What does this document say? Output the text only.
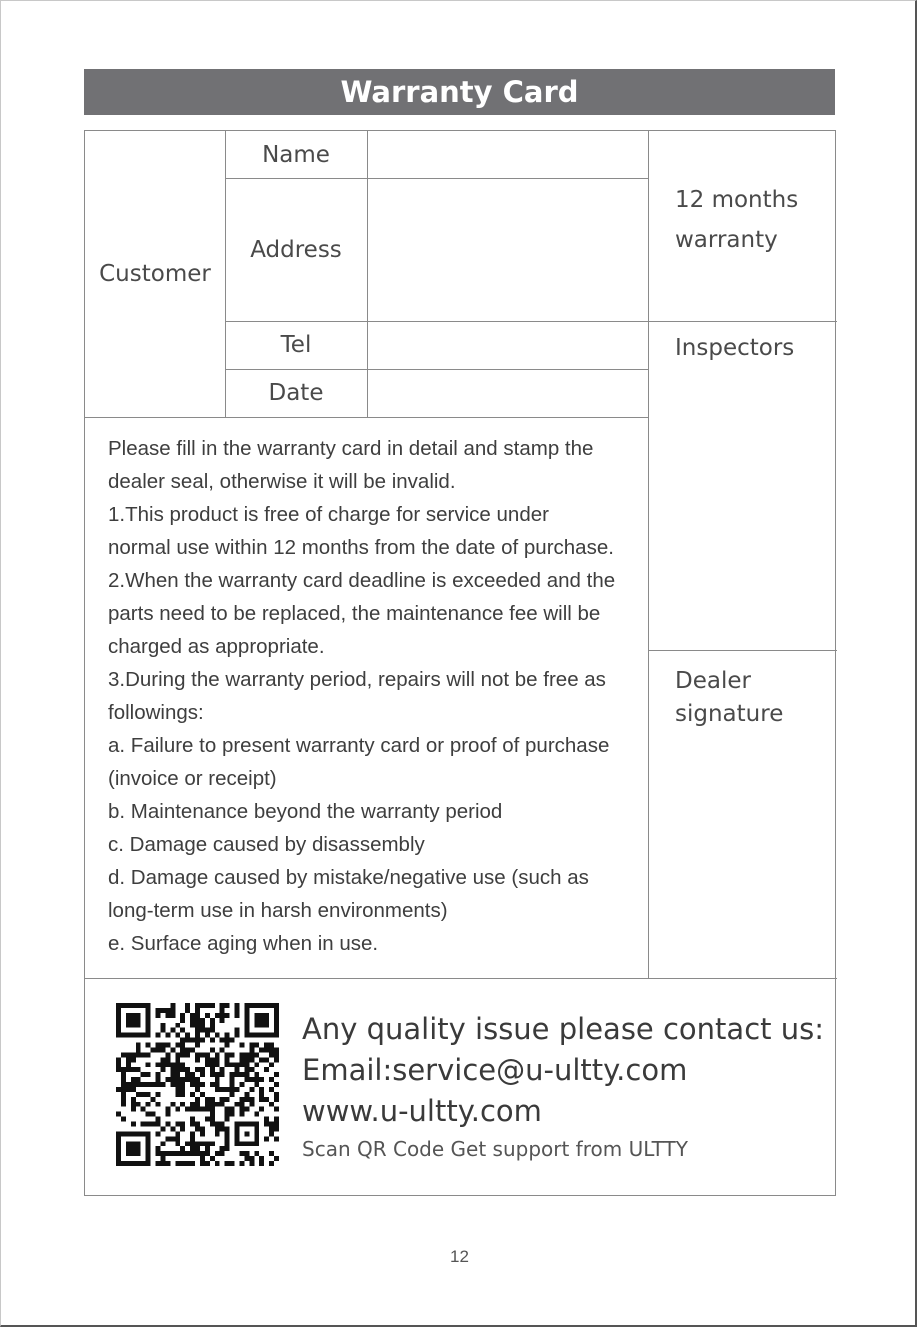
Warranty Card
Customer
Name
Address
Tel
Date
12 months
warranty
Inspectors
Dealer
signature
Please fill in the warranty card in detail and stamp the
dealer seal, otherwise it will be invalid.
1.This product is free of charge for service under
normal use within 12 months from the date of purchase.
2.When the warranty card deadline is exceeded and the
parts need to be replaced, the maintenance fee will be
charged as appropriate.
3.During the warranty period, repairs will not be free as
followings:
a. Failure to present warranty card or proof of purchase
(invoice or receipt)
b. Maintenance beyond the warranty period
c. Damage caused by disassembly
d. Damage caused by mistake/negative use (such as
long-term use in harsh environments)
e. Surface aging when in use.
Any quality issue please contact us:
Email:service@u-ultty.com
www.u-ultty.com
Scan QR Code Get support from ULTTY
12
